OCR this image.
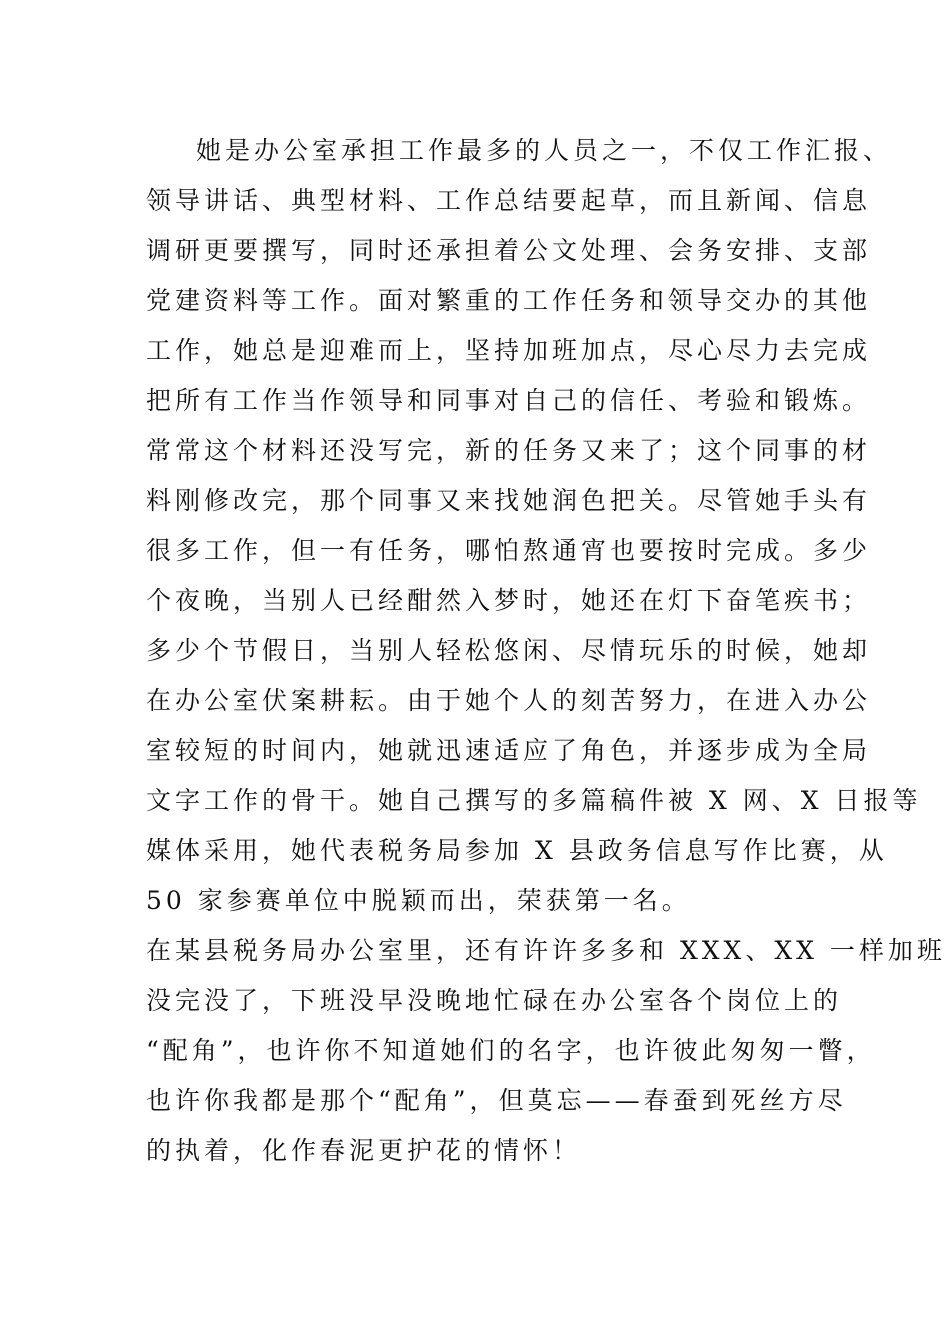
她是办公室承担工作最多的人员之一，不仅工作汇报、
领导讲话、典型材料、工作总结要起草，而且新闻、信息
调研更要撰写，同时还承担着公文处理、会务安排、支部
党建资料等工作。面对繁重的工作任务和领导交办的其他
工作，她总是迎难而上，坚持加班加点，尽心尽力去完成
把所有工作当作领导和同事对自己的信任、考验和锻炼。
常常这个材料还没写完，新的任务又来了；这个同事的材
料刚修改完，那个同事又来找她润色把关。尽管她手头有
很多工作，但一有任务，哪怕熬通宵也要按时完成。多少
个夜晚，当别人已经酣然入梦时，她还在灯下奋笔疾书；
多少个节假日，当别人轻松悠闲、尽情玩乐的时候，她却
在办公室伏案耕耘。由于她个人的刻苦努力，在进入办公
室较短的时间内，她就迅速适应了角色，并逐步成为全局
文字工作的骨干。她自己撰写的多篇稿件被 X 网、X 日报等
媒体采用，她代表税务局参加 X 县政务信息写作比赛，从
50 家参赛单位中脱颖而出，荣获第一名。
在某县税务局办公室里，还有许许多多和 XXX、XX 一样加班
没完没了，下班没早没晚地忙碌在办公室各个岗位上的
“配角”，也许你不知道她们的名字，也许彼此匆匆一瞥，
也许你我都是那个“配角”，但莫忘——春蚕到死丝方尽
的执着，化作春泥更护花的情怀！
